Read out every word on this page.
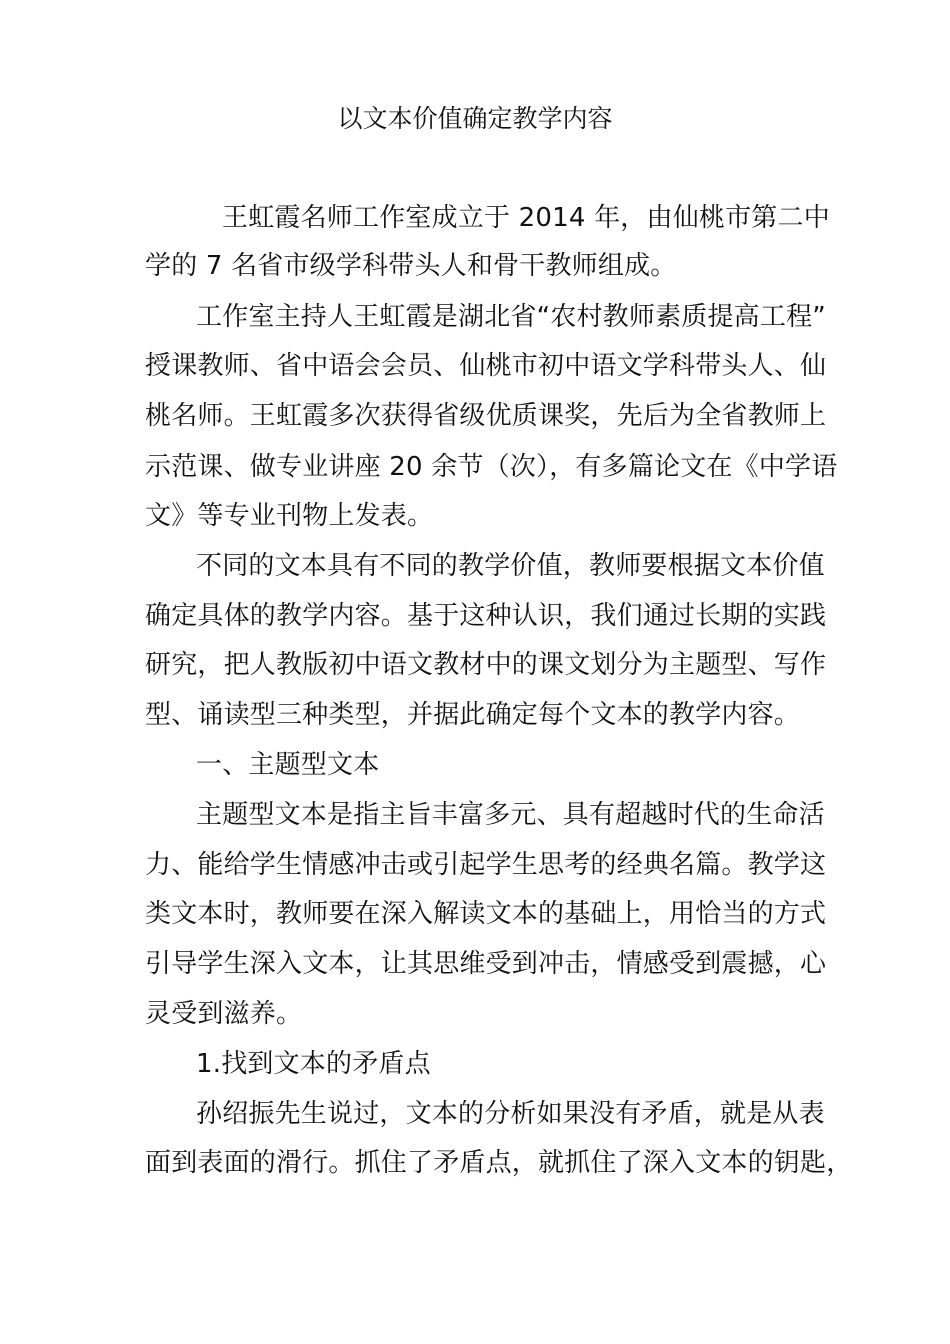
以文本价值确定教学内容
王虹霞名师工作室成立于 2014 年，由仙桃市第二中
学的 7 名省市级学科带头人和骨干教师组成。
工作室主持人王虹霞是湖北省“农村教师素质提高工程”
授课教师、省中语会会员、仙桃市初中语文学科带头人、仙
桃名师。王虹霞多次获得省级优质课奖，先后为全省教师上
示范课、做专业讲座 20 余节（次），有多篇论文在《中学语
文》等专业刊物上发表。
不同的文本具有不同的教学价值，教师要根据文本价值
确定具体的教学内容。基于这种认识，我们通过长期的实践
研究，把人教版初中语文教材中的课文划分为主题型、写作
型、诵读型三种类型，并据此确定每个文本的教学内容。
一、主题型文本
主题型文本是指主旨丰富多元、具有超越时代的生命活
力、能给学生情感冲击或引起学生思考的经典名篇。教学这
类文本时，教师要在深入解读文本的基础上，用恰当的方式
引导学生深入文本，让其思维受到冲击，情感受到震撼，心
灵受到滋养。
1.找到文本的矛盾点
孙绍振先生说过，文本的分析如果没有矛盾，就是从表
面到表面的滑行。抓住了矛盾点，就抓住了深入文本的钥匙，
